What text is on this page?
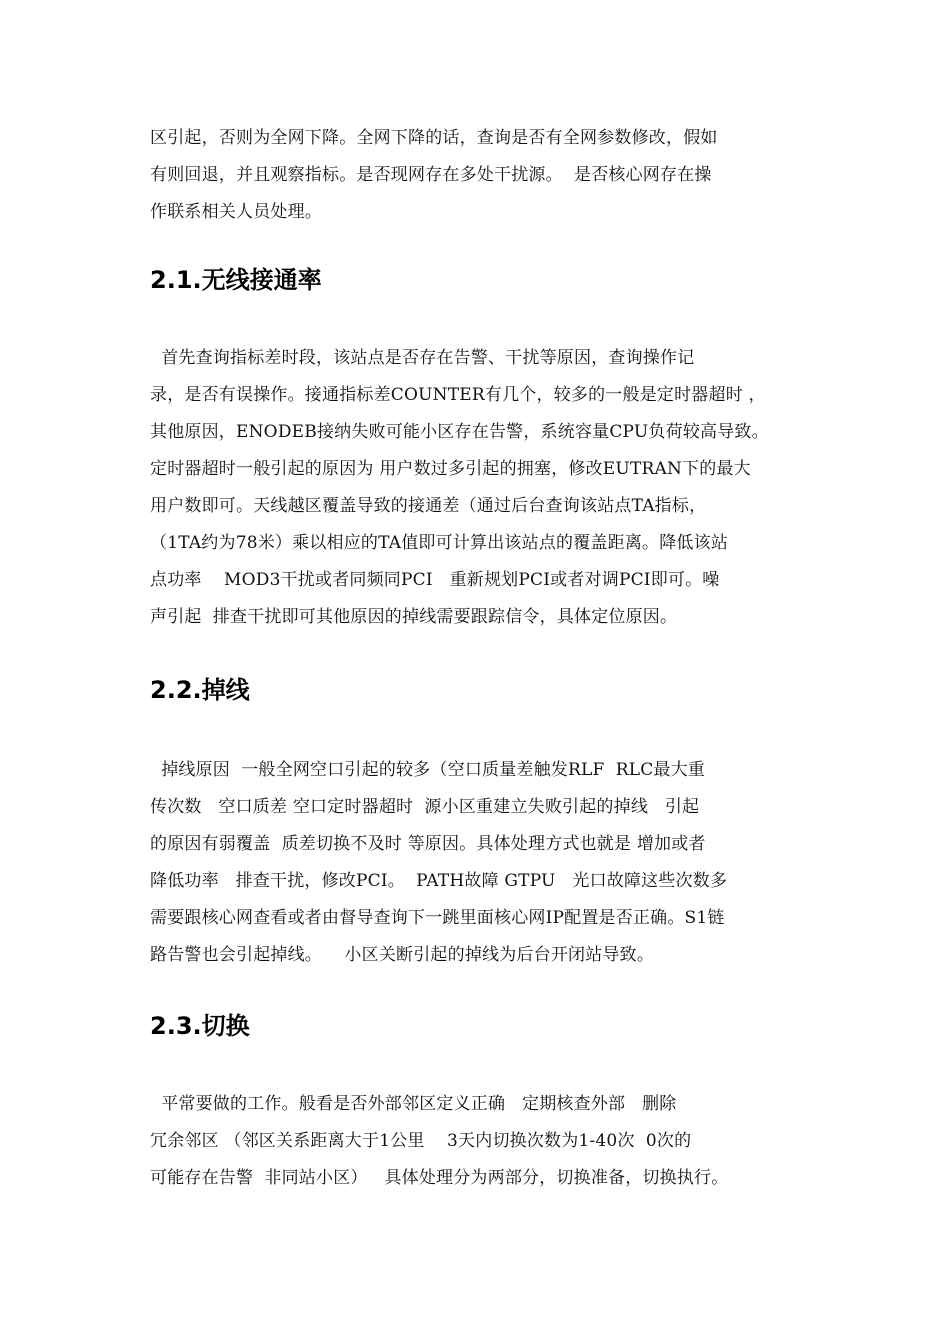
区引起，否则为全网下降。全网下降的话，查询是否有全网参数修改，假如
有则回退，并且观察指标。是否现网存在多处干扰源。  是否核心网存在操
作联系相关人员处理。
2.1.无线接通率
首先查询指标差时段，该站点是否存在告警、干扰等原因，查询操作记
录，是否有误操作。接通指标差COUNTER有几个，较多的一般是定时器超时 ，
其他原因，ENODEB接纳失败可能小区存在告警，系统容量CPU负荷较高导致。
定时器超时一般引起的原因为 用户数过多引起的拥塞，修改EUTRAN下的最大
用户数即可。天线越区覆盖导致的接通差（通过后台查询该站点TA指标，
（1TA约为78米）乘以相应的TA值即可计算出该站点的覆盖距离。降低该站
点功率    MOD3干扰或者同频同PCI   重新规划PCI或者对调PCI即可。噪
声引起  排查干扰即可其他原因的掉线需要跟踪信令，具体定位原因。
2.2.掉线
掉线原因  一般全网空口引起的较多（空口质量差触发RLF  RLC最大重
传次数   空口质差 空口定时器超时  源小区重建立失败引起的掉线   引起
的原因有弱覆盖  质差切换不及时 等原因。具体处理方式也就是 增加或者
降低功率   排查干扰，修改PCI。  PATH故障 GTPU   光口故障这些次数多
需要跟核心网查看或者由督导查询下一跳里面核心网IP配置是否正确。S1链
路告警也会引起掉线。    小区关断引起的掉线为后台开闭站导致。
2.3.切换
平常要做的工作。般看是否外部邻区定义正确   定期核查外部   删除
冗余邻区 （邻区关系距离大于1公里    3天内切换次数为1-40次  0次的
可能存在告警  非同站小区）   具体处理分为两部分，切换准备，切换执行。
